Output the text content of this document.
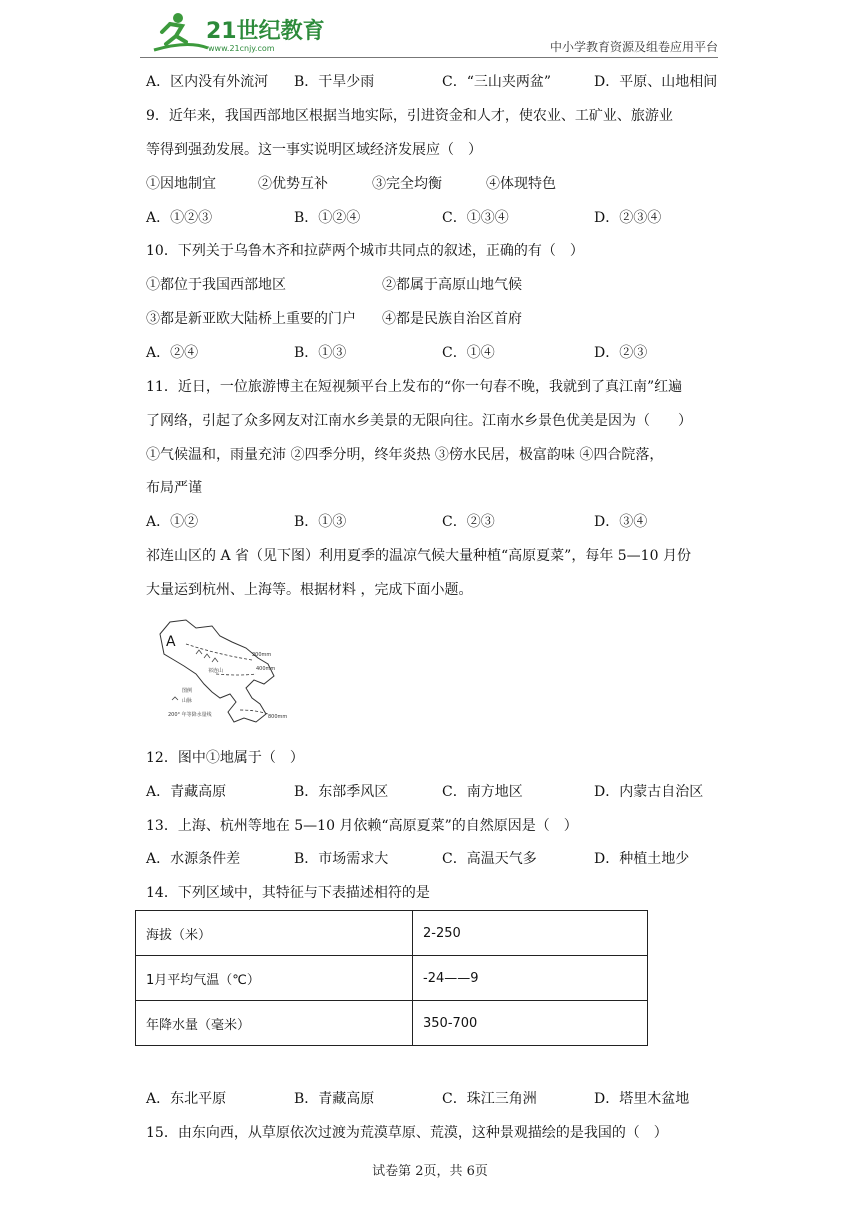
21世纪教育
www.21cnjy.com	中小学教育资源及组卷应用平台
A．区内没有外流河 B．干旱少雨	C．“三山夹两盆”	D．平原、山地相间
9．近年来，我国西部地区根据当地实际，引进资金和人才，使农业、工矿业、旅游业
等得到强劲发展。这一事实说明区域经济发展应（　）
①因地制宜	②优势互补	③完全均衡	④体现特色
A．①②③	B．①②④	C．①③④	D．②③④
10．下列关于乌鲁木齐和拉萨两个城市共同点的叙述，正确的有（　）
①都位于我国西部地区	②都属于高原山地气候
③都是新亚欧大陆桥上重要的门户 ④都是民族自治区首府
A．②④	B．①③	C．①④	D．②③
11．近日，一位旅游博主在短视频平台上发布的“你一句春不晚，我就到了真江南”红遍
了网络，引起了众多网友对江南水乡美景的无限向往。江南水乡景色优美是因为（　　）
①气候温和，雨量充沛 ②四季分明，终年炎热 ③傍水民居，极富韵味 ④四合院落，
布局严谨
A．①②	B．①③	C．②③	D．③④
祁连山区的 A 省（见下图）利用夏季的温凉气候大量种植“高原夏菜”，每年 5—10 月份
大量运到杭州、上海等。根据材料 ，完成下面小题。
A
祁连山
200mm
400mm
800mm
图例
山脉
200° 年等降水量线
12．图中①地属于（　）
A．青藏高原	B．东部季风区	C．南方地区	D．内蒙古自治区
13．上海、杭州等地在 5—10 月依赖“高原夏菜”的自然原因是（　）
A．水源条件差	B．市场需求大	C．高温天气多	D．种植土地少
14．下列区域中，其特征与下表描述相符的是
海拔（米）	2-250
1月平均气温（℃）	-24——9
年降水量（毫米）	350-700
A．东北平原	B．青藏高原	C．珠江三角洲	D．塔里木盆地
15．由东向西，从草原依次过渡为荒漠草原、荒漠，这种景观描绘的是我国的（　）
试卷第 2页，共 6页
